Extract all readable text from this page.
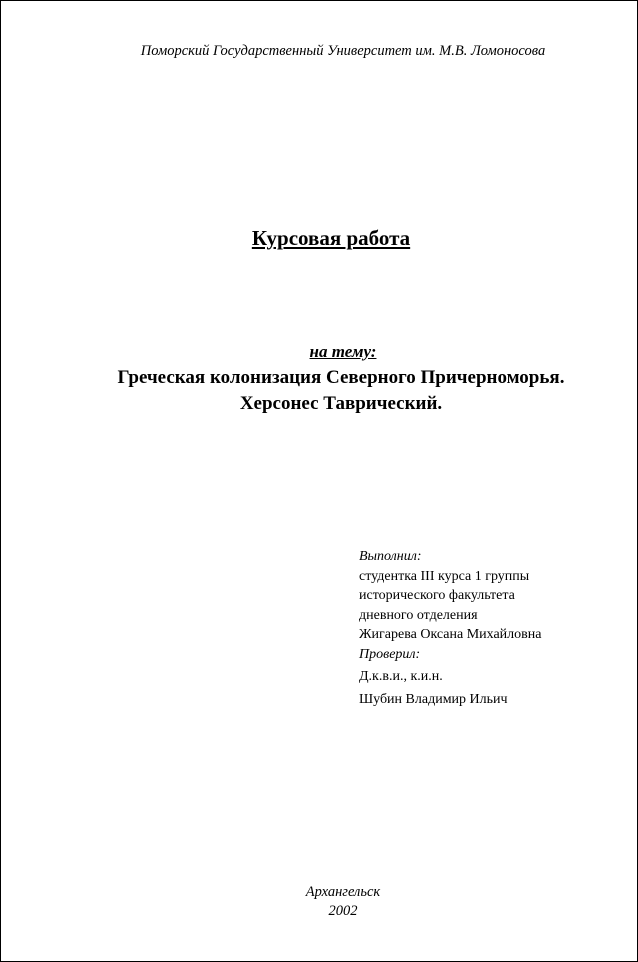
Поморский Государственный Университет им. М.В. Ломоносова
Курсовая работа
на тему:
Греческая колонизация Северного Причерноморья.
Херсонес Таврический.
Выполнил:
студентка III курса 1 группы
исторического факультета
дневного отделения
Жигарева Оксана Михайловна
Проверил:
Д.к.в.и., к.и.н.
Шубин Владимир Ильич
Архангельск
2002
